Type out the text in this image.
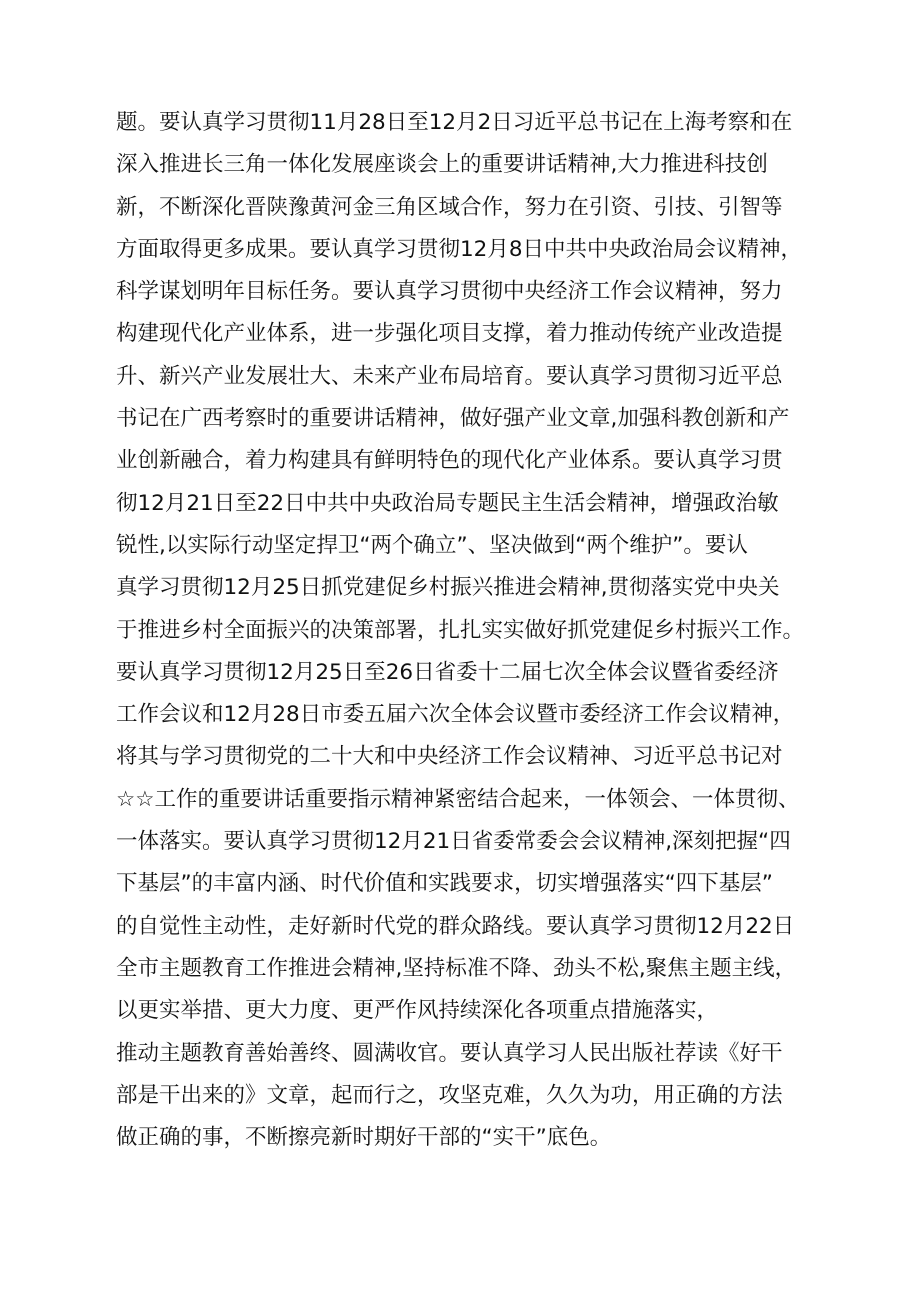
题。要认真学习贯彻11月28日至12月2日习近平总书记在上海考察和在
深入推进长三角一体化发展座谈会上的重要讲话精神,大力推进科技创
新，不断深化晋陕豫黄河金三角区域合作，努力在引资、引技、引智等
方面取得更多成果。要认真学习贯彻12月8日中共中央政治局会议精神，
科学谋划明年目标任务。要认真学习贯彻中央经济工作会议精神，努力
构建现代化产业体系，进一步强化项目支撑，着力推动传统产业改造提
升、新兴产业发展壮大、未来产业布局培育。要认真学习贯彻习近平总
书记在广西考察时的重要讲话精神，做好强产业文章,加强科教创新和产
业创新融合，着力构建具有鲜明特色的现代化产业体系。要认真学习贯
彻12月21日至22日中共中央政治局专题民主生活会精神，增强政治敏
锐性,以实际行动坚定捍卫“两个确立”、坚决做到“两个维护”。要认
真学习贯彻12月25日抓党建促乡村振兴推进会精神,贯彻落实党中央关
于推进乡村全面振兴的决策部署，扎扎实实做好抓党建促乡村振兴工作。
要认真学习贯彻12月25日至26日省委十二届七次全体会议暨省委经济
工作会议和12月28日市委五届六次全体会议暨市委经济工作会议精神，
将其与学习贯彻党的二十大和中央经济工作会议精神、习近平总书记对
☆☆工作的重要讲话重要指示精神紧密结合起来，一体领会、一体贯彻、
一体落实。要认真学习贯彻12月21日省委常委会会议精神,深刻把握“四
下基层”的丰富内涵、时代价值和实践要求，切实增强落实“四下基层”
的自觉性主动性，走好新时代党的群众路线。要认真学习贯彻12月22日
全市主题教育工作推进会精神,坚持标准不降、劲头不松,聚焦主题主线，
以更实举措、更大力度、更严作风持续深化各项重点措施落实，
推动主题教育善始善终、圆满收官。要认真学习人民出版社荐读《好干
部是干出来的》文章，起而行之，攻坚克难，久久为功，用正确的方法
做正确的事，不断擦亮新时期好干部的“实干”底色。
